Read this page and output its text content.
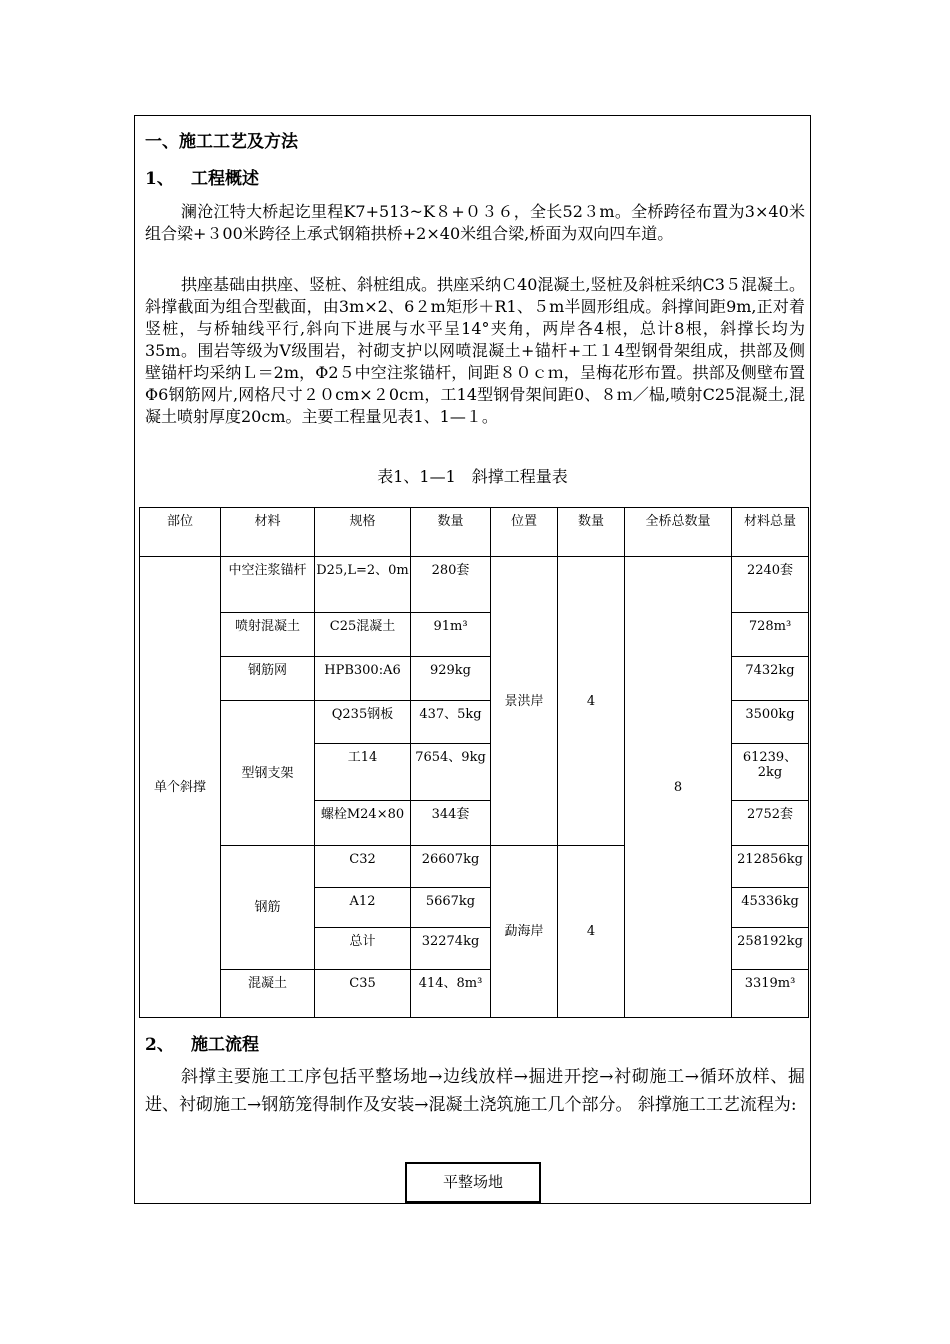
一、施工工艺及方法
1、 工程概述
澜沧江特大桥起讫里程K7+513~K８+０３６，全长52３m。全桥跨径布置为3×40米组合梁+３00米跨径上承式钢箱拱桥+2×40米组合梁,桥面为双向四车道。
拱座基础由拱座、竖桩、斜桩组成。拱座采纳Ｃ40混凝土,竖桩及斜桩采纳C3５混凝土。斜撑截面为组合型截面，由3m×2、6２m矩形＋R1、５m半圆形组成。斜撑间距9m,正对着竖桩，与桥轴线平行,斜向下进展与水平呈14°夹角，两岸各4根，总计8根，斜撑长均为35m。围岩等级为Ⅴ级围岩，衬砌支护以网喷混凝土+锚杆+工１4型钢骨架组成，拱部及侧壁锚杆均采纳Ｌ＝2m，Φ2５中空注浆锚杆，间距８０ｃｍ，呈梅花形布置。拱部及侧壁布置Φ6钢筋网片,网格尺寸２０cm×２0cｍ，工14型钢骨架间距0、８ｍ／榀,喷射C25混凝土,混凝土喷射厚度20cm。主要工程量见表1、1—１。
表1、1—1　斜撑工程量表
部位	材料	规格	数量	位置	数量	全桥总数量	材料总量
单个斜撑	中空注浆锚杆	D25,L=2、0m	280套	景洪岸	4	8	2240套
	喷射混凝土	C25混凝土	91m³				728m³
	钢筋网	HPB300:A6	929kg				7432kg
	型钢支架	Q235钢板	437、5kg				3500kg
		工14	7654、9kg				61239、2kg
		螺栓M24×80	344套				2752套
	钢筋	C32	26607kg	勐海岸	4		212856kg
		A12	5667kg				45336kg
		总计	32274kg				258192kg
	混凝土	C35	414、8m³				3319m³
2、 施工流程
斜撑主要施工工序包括平整场地→边线放样→掘进开挖→衬砌施工→循环放样、掘进、衬砌施工→钢筋笼得制作及安装→混凝土浇筑施工几个部分。 斜撑施工工艺流程为:
平整场地
